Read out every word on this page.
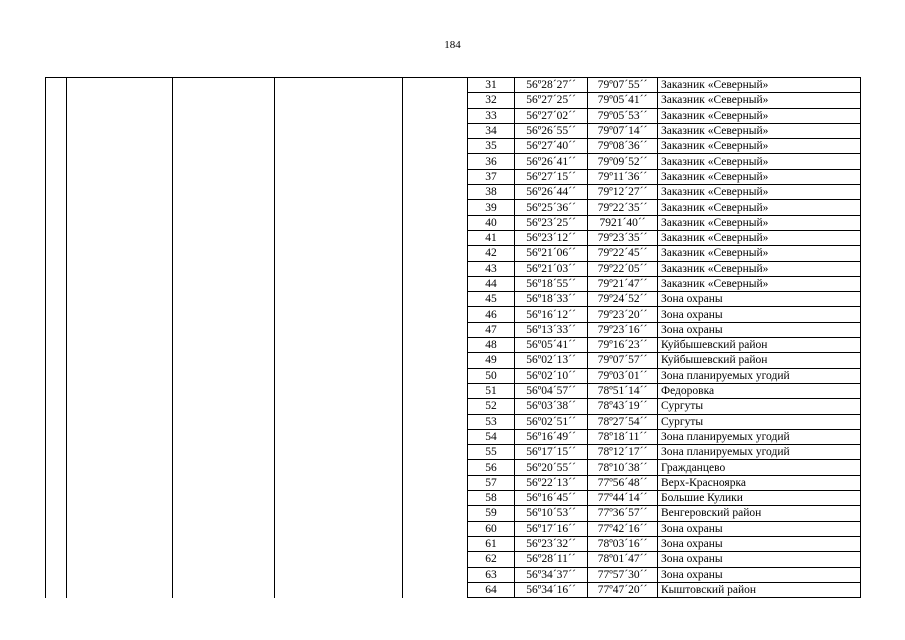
184
					31	56º28´27´´	79º07´55´´	Заказник «Северный»
					32	56º27´25´´	79º05´41´´	Заказник «Северный»
					33	56º27´02´´	79º05´53´´	Заказник «Северный»
					34	56º26´55´´	79º07´14´´	Заказник «Северный»
					35	56º27´40´´	79º08´36´´	Заказник «Северный»
					36	56º26´41´´	79º09´52´´	Заказник «Северный»
					37	56º27´15´´	79º11´36´´	Заказник «Северный»
					38	56º26´44´´	79º12´27´´	Заказник «Северный»
					39	56º25´36´´	79º22´35´´	Заказник «Северный»
					40	56º23´25´´	7921´40´´	Заказник «Северный»
					41	56º23´12´´	79º23´35´´	Заказник «Северный»
					42	56º21´06´´	79º22´45´´	Заказник «Северный»
					43	56º21´03´´	79º22´05´´	Заказник «Северный»
					44	56º18´55´´	79º21´47´´	Заказник «Северный»
					45	56º18´33´´	79º24´52´´	Зона охраны
					46	56º16´12´´	79º23´20´´	Зона охраны
					47	56º13´33´´	79º23´16´´	Зона охраны
					48	56º05´41´´	79º16´23´´	Куйбышевский район
					49	56º02´13´´	79º07´57´´	Куйбышевский район
					50	56º02´10´´	79º03´01´´	Зона планируемых угодий
					51	56º04´57´´	78º51´14´´	Федоровка
					52	56º03´38´´	78º43´19´´	Сургуты
					53	56º02´51´´	78º27´54´´	Сургуты
					54	56º16´49´´	78º18´11´´	Зона планируемых угодий
					55	56º17´15´´	78º12´17´´	Зона планируемых угодий
					56	56º20´55´´	78º10´38´´	Гражданцево
					57	56º22´13´´	77º56´48´´	Верх-Красноярка
					58	56º16´45´´	77º44´14´´	Большие Кулики
					59	56º10´53´´	77º36´57´´	Венгеровский район
					60	56º17´16´´	77º42´16´´	Зона охраны
					61	56º23´32´´	78º03´16´´	Зона охраны
					62	56º28´11´´	78º01´47´´	Зона охраны
					63	56º34´37´´	77º57´30´´	Зона охраны
					64	56º34´16´´	77º47´20´´	Кыштовский район
